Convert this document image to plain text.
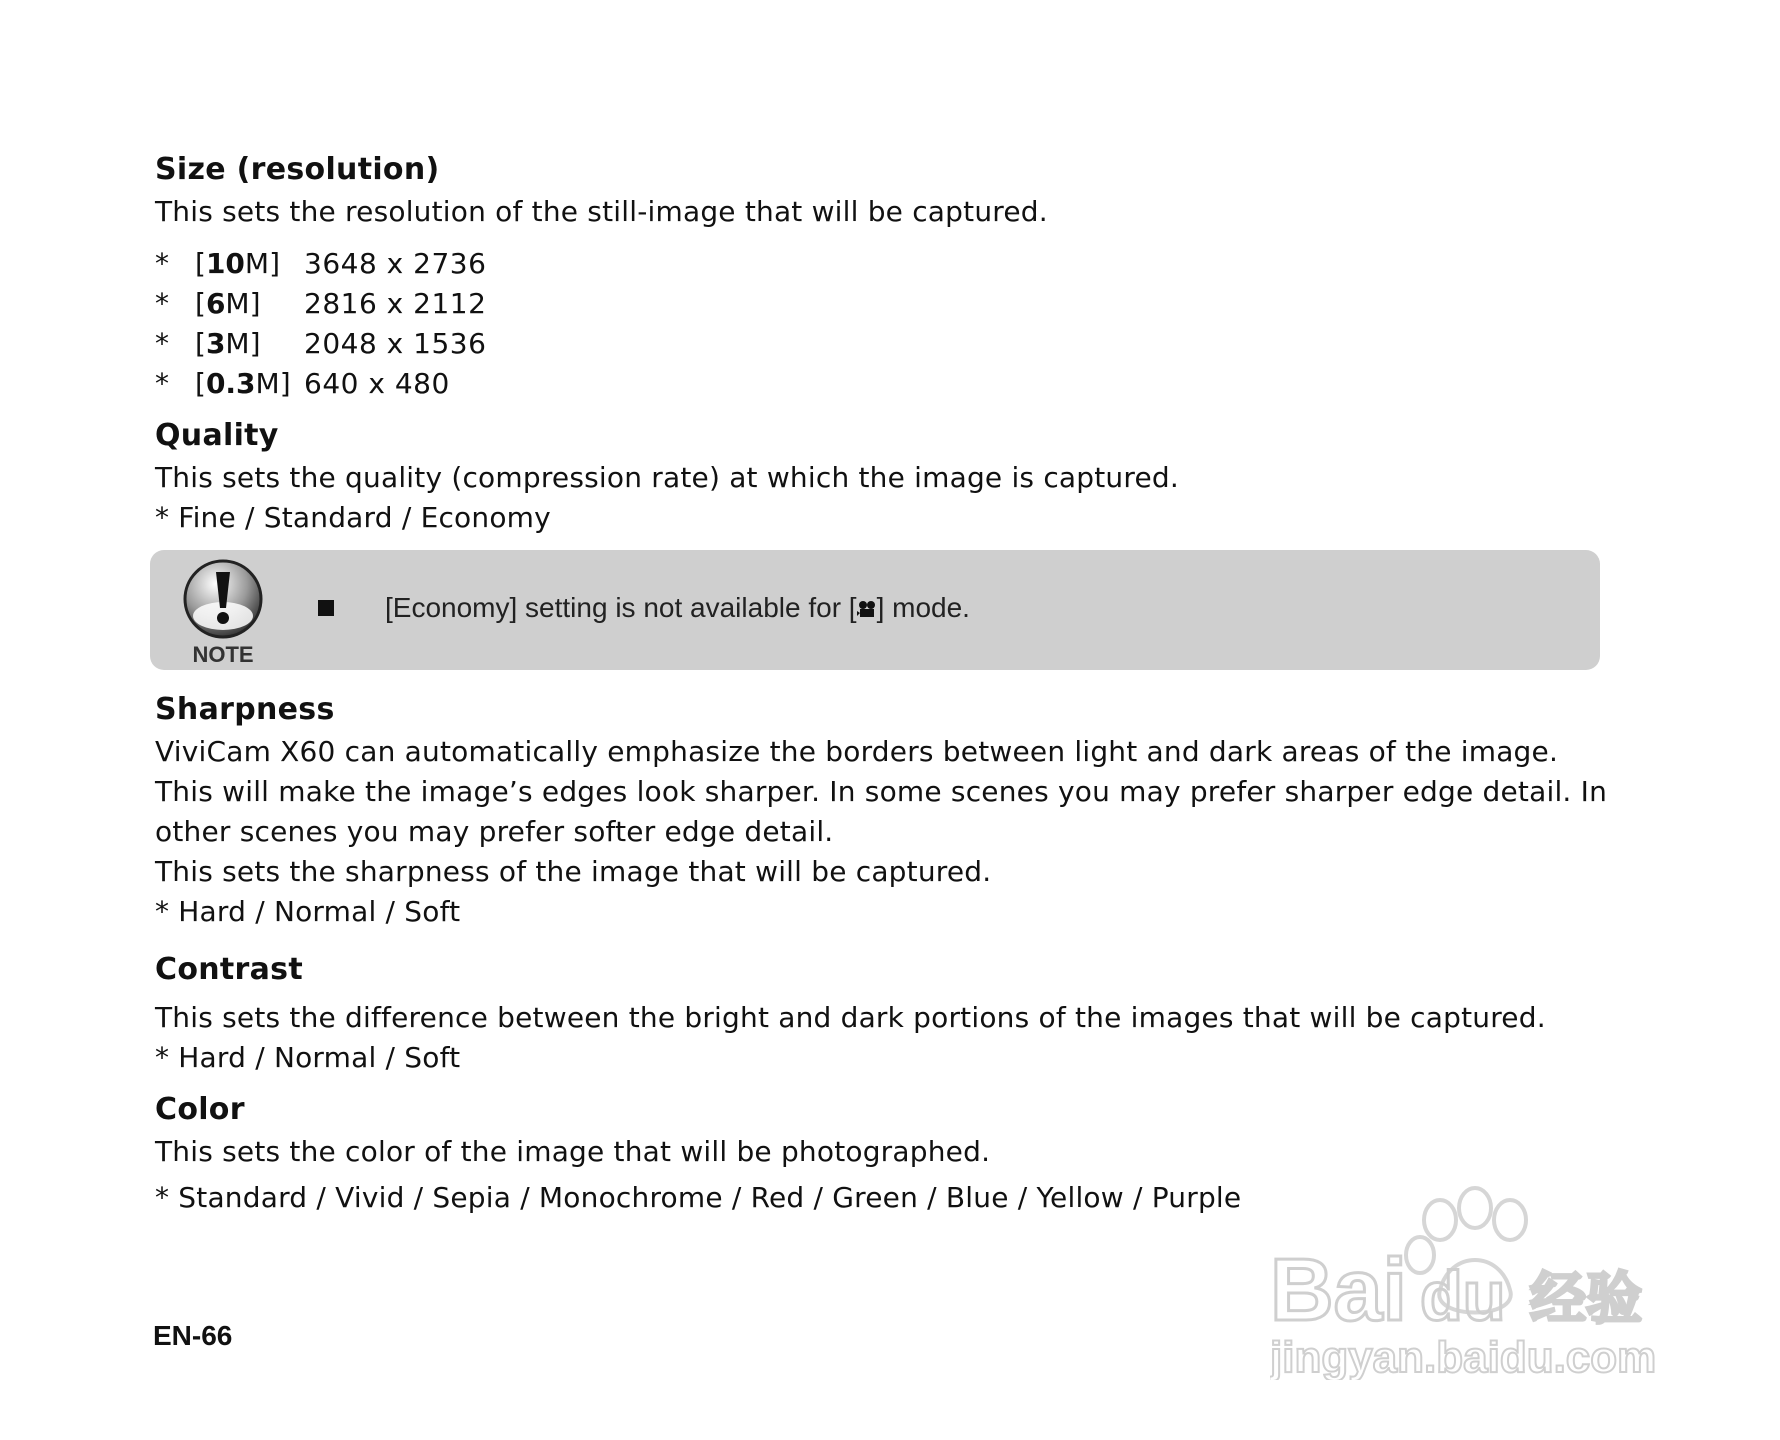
Size (resolution)
This sets the resolution of the still-image that will be captured.
* [10M] 3648 x 2736
* [6M]	2816 x 2112
* [3M]	2048 x 1536
* [0.3M] 640 x 480
Quality
This sets the quality (compression rate) at which the image is captured.
* Fine / Standard / Economy
NOTE
[Economy] setting is not available for [ ] mode.
Sharpness
ViviCam X60 can automatically emphasize the borders between light and dark areas of the image. This will make the image’s edges look sharper. In some scenes you may prefer sharper edge detail. In other scenes you may prefer softer edge detail.
This sets the sharpness of the image that will be captured.
* Hard / Normal / Soft
Contrast
This sets the difference between the bright and dark portions of the images that will be captured.
* Hard / Normal / Soft
Color
This sets the color of the image that will be photographed.
* Standard / Vivid / Sepia / Monochrome / Red / Green / Blue / Yellow / Purple
EN-66	Bai du 经验
jingyan.baidu.com
